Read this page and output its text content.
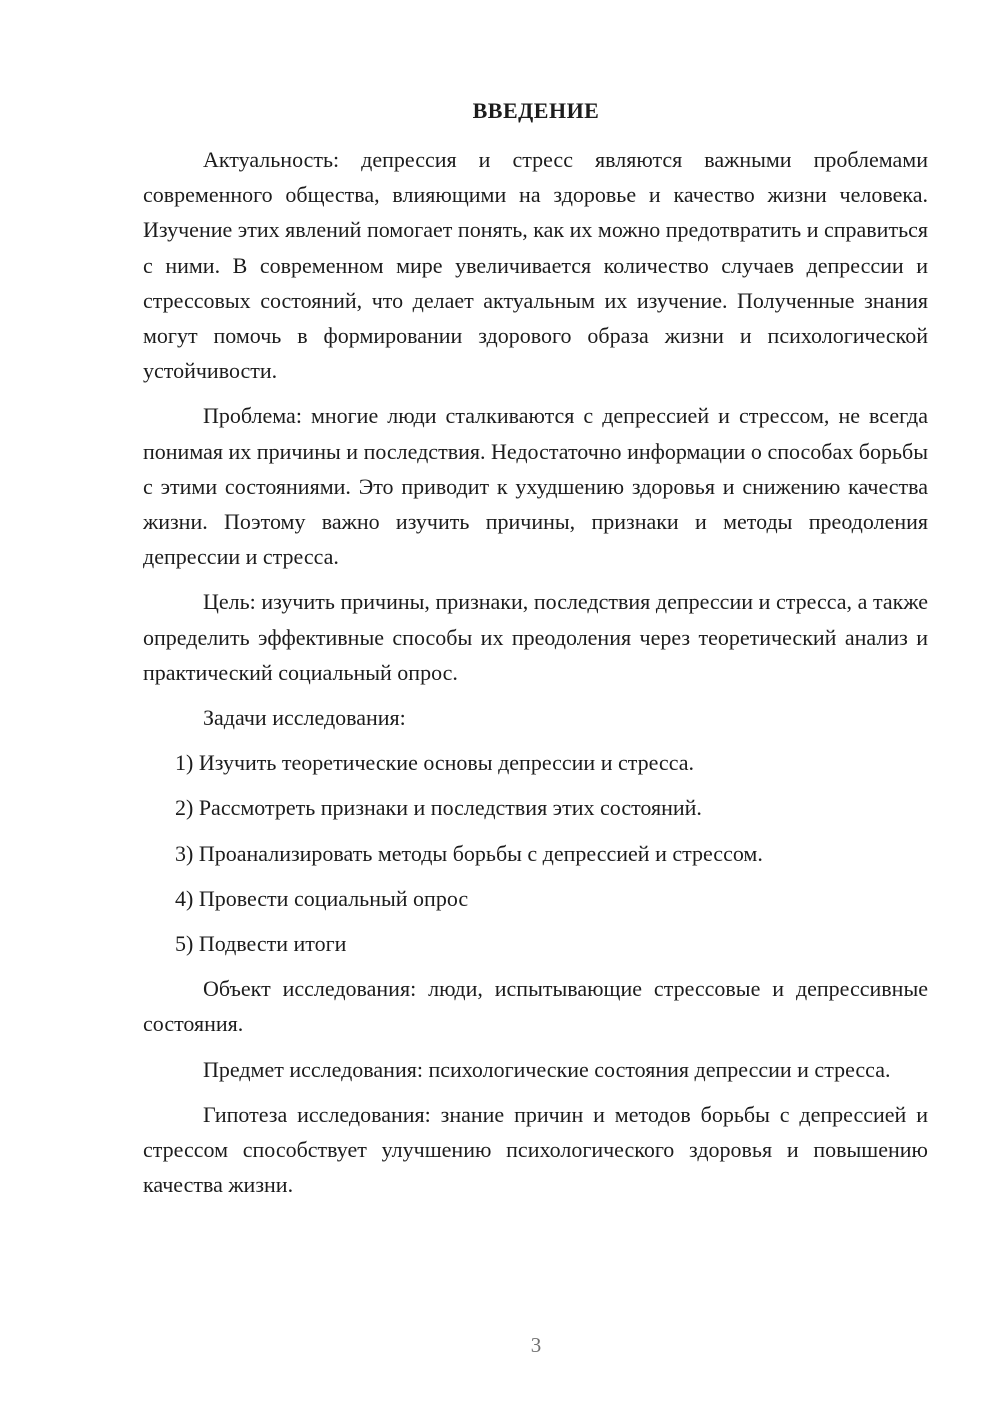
ВВЕДЕНИЕ

Актуальность: депрессия и стресс являются важными проблемами современного общества, влияющими на здоровье и качество жизни человека. Изучение этих явлений помогает понять, как их можно предотвратить и справиться с ними. В современном мире увеличивается количество случаев депрессии и стрессовых состояний, что делает актуальным их изучение. Полученные знания могут помочь в формировании здорового образа жизни и психологической устойчивости.

Проблема: многие люди сталкиваются с депрессией и стрессом, не всегда понимая их причины и последствия. Недостаточно информации о способах борьбы с этими состояниями. Это приводит к ухудшению здоровья и снижению качества жизни. Поэтому важно изучить причины, признаки и методы преодоления депрессии и стресса.

Цель: изучить причины, признаки, последствия депрессии и стресса, а также определить эффективные способы их преодоления через теоретический анализ и практический социальный опрос.

Задачи исследования:

1) Изучить теоретические основы депрессии и стресса.

2) Рассмотреть признаки и последствия этих состояний.

3) Проанализировать методы борьбы с депрессией и стрессом.

4) Провести социальный опрос

5) Подвести итоги

Объект исследования: люди, испытывающие стрессовые и депрессивные состояния.

Предмет исследования: психологические состояния депрессии и стресса.

Гипотеза исследования: знание причин и методов борьбы с депрессией и стрессом способствует улучшению психологического здоровья и повышению качества жизни.

3
